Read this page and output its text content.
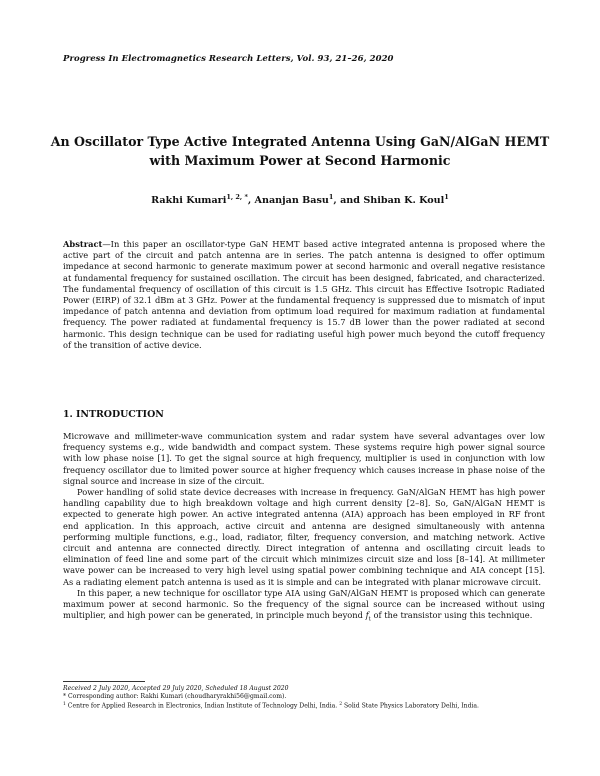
Progress In Electromagnetics Research Letters, Vol. 93, 21–26, 2020
An Oscillator Type Active Integrated Antenna Using GaN/AlGaN HEMT with Maximum Power at Second Harmonic
Rakhi Kumari$^{1, 2, *}$, Ananjan Basu$^1$, and Shiban K. Koul$^1$
Abstract—In this paper an oscillator-type GaN HEMT based active integrated antenna is proposed where the active part of the circuit and patch antenna are in series. The patch antenna is designed to offer optimum impedance at second harmonic to generate maximum power at second harmonic and overall negative resistance at fundamental frequency for sustained oscillation. The circuit has been designed, fabricated, and characterized. The fundamental frequency of oscillation of this circuit is 1.5 GHz. This circuit has Effective Isotropic Radiated Power (EIRP) of 32.1 dBm at 3 GHz. Power at the fundamental frequency is suppressed due to mismatch of input impedance of patch antenna and deviation from optimum load required for maximum radiation at fundamental frequency. The power radiated at fundamental frequency is 15.7 dB lower than the power radiated at second harmonic. This design technique can be used for radiating useful high power much beyond the cutoff frequency of the transition of active device.
1. INTRODUCTION

Microwave and millimeter-wave communication system and radar system have several advantages over low frequency systems e.g., wide bandwidth and compact system. These systems require high power signal source with low phase noise [1]. To get the signal source at high frequency, multiplier is used in conjunction with low frequency oscillator due to limited power source at higher frequency which causes increase in phase noise of the signal source and increase in size of the circuit.

Power handling of solid state device decreases with increase in frequency. GaN/AlGaN HEMT has high power handling capability due to high breakdown voltage and high current density [2–8]. So, GaN/AlGaN HEMT is expected to generate high power. An active integrated antenna (AIA) approach has been employed in RF front end application. In this approach, active circuit and antenna are designed simultaneously with antenna performing multiple functions, e.g., load, radiator, filter, frequency conversion, and matching network. Active circuit and antenna are connected directly. Direct integration of antenna and oscillating circuit leads to elimination of feed line and some part of the circuit which minimizes circuit size and loss [8–14]. At millimeter wave power can be increased to very high level using spatial power combining technique and AIA concept [15]. As a radiating element patch antenna is used as it is simple and can be integrated with planar microwave circuit.

In this paper, a new technique for oscillator type AIA using GaN/AlGaN HEMT is proposed which can generate maximum power at second harmonic. So the frequency of the signal source can be increased without using multiplier, and high power can be generated, in principle much beyond $f_t$ of the transistor using this technique.

Received 2 July 2020, Accepted 29 July 2020, Scheduled 18 August 2020
* Corresponding author: Rakhi Kumari (choudharyrakhi56@gmail.com).
$^1$ Centre for Applied Research in Electronics, Indian Institute of Technology Delhi, India. $^2$ Solid State Physics Laboratory Delhi, India.
